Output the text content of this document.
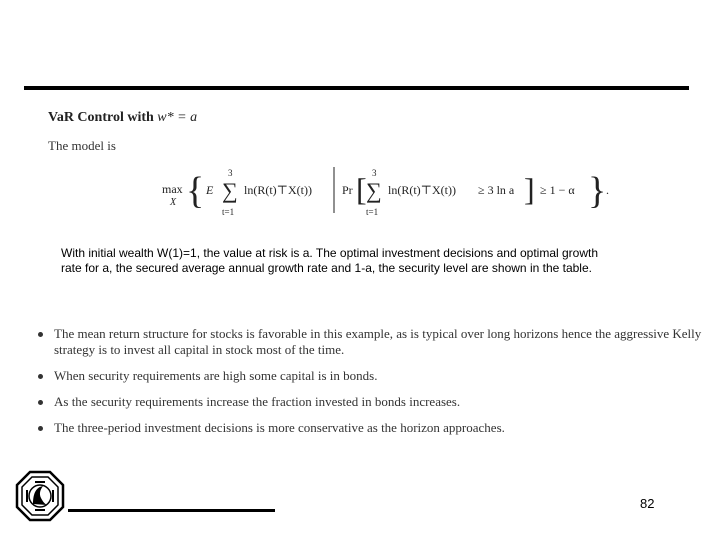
VaR Control with w* = a
The model is
max
X { E
3
∑
t=1
ln(R(t)⊤X(t))	Pr [ 3
∑
t=1
ln(R(t)⊤X(t)) ≥ 3 ln a ] ≥ 1 − α } .
With initial wealth W(1)=1, the value at risk is a. The optimal investment decisions and optimal growth rate for a, the secured average annual growth rate and 1-a, the security level are shown in the table.
The mean return structure for stocks is favorable in this example, as is typical over long horizons hence the aggressive Kelly strategy is to invest all capital in stock most of the time.
When security requirements are high some capital is in bonds.
As the security requirements increase the fraction invested in bonds increases.
The three-period investment decisions is more conservative as the horizon approaches.
82
